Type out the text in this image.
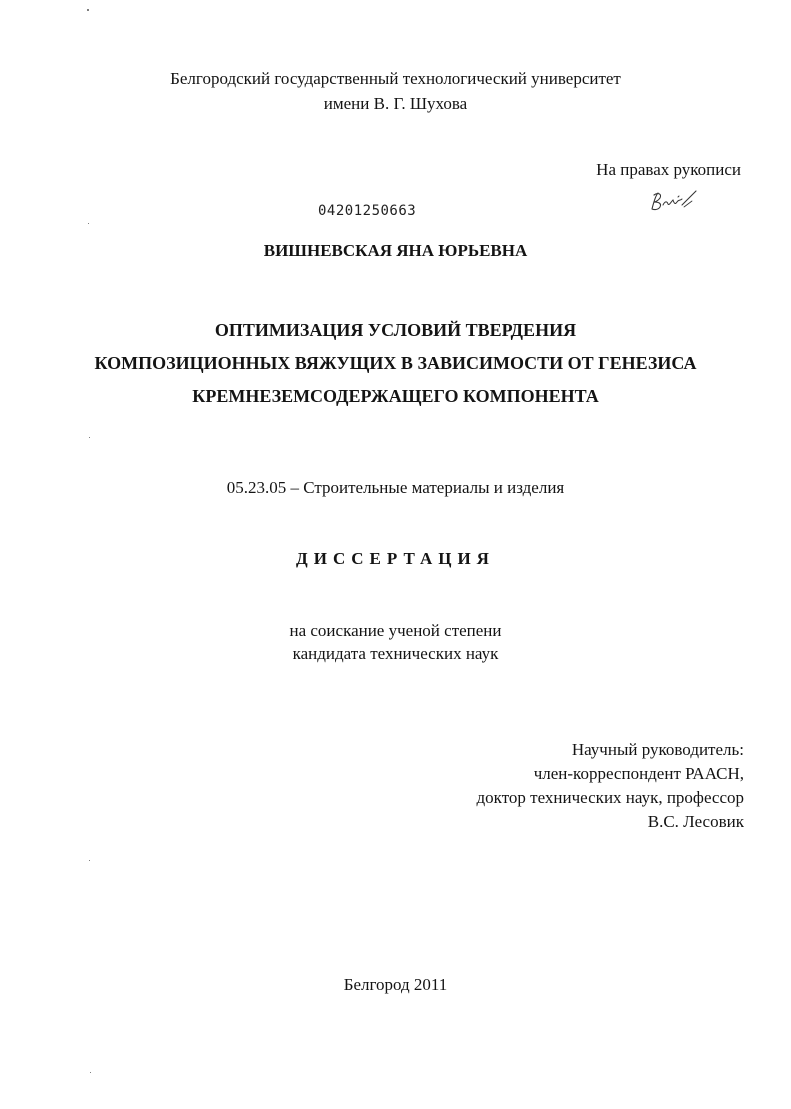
Белгородский государственный технологический университет
имени В. Г. Шухова
На правах рукописи
04201250663
ВИШНЕВСКАЯ ЯНА ЮРЬЕВНА
ОПТИМИЗАЦИЯ УСЛОВИЙ ТВЕРДЕНИЯ
КОМПОЗИЦИОННЫХ ВЯЖУЩИХ В ЗАВИСИМОСТИ ОТ ГЕНЕЗИСА
КРЕМНЕЗЕМСОДЕРЖАЩЕГО КОМПОНЕНТА
05.23.05 – Строительные материалы и изделия
ДИССЕРТАЦИЯ
на соискание ученой степени
кандидата технических наук
Научный руководитель:
член-корреспондент РААСН,
доктор технических наук, профессор
В.С. Лесовик
Белгород 2011
